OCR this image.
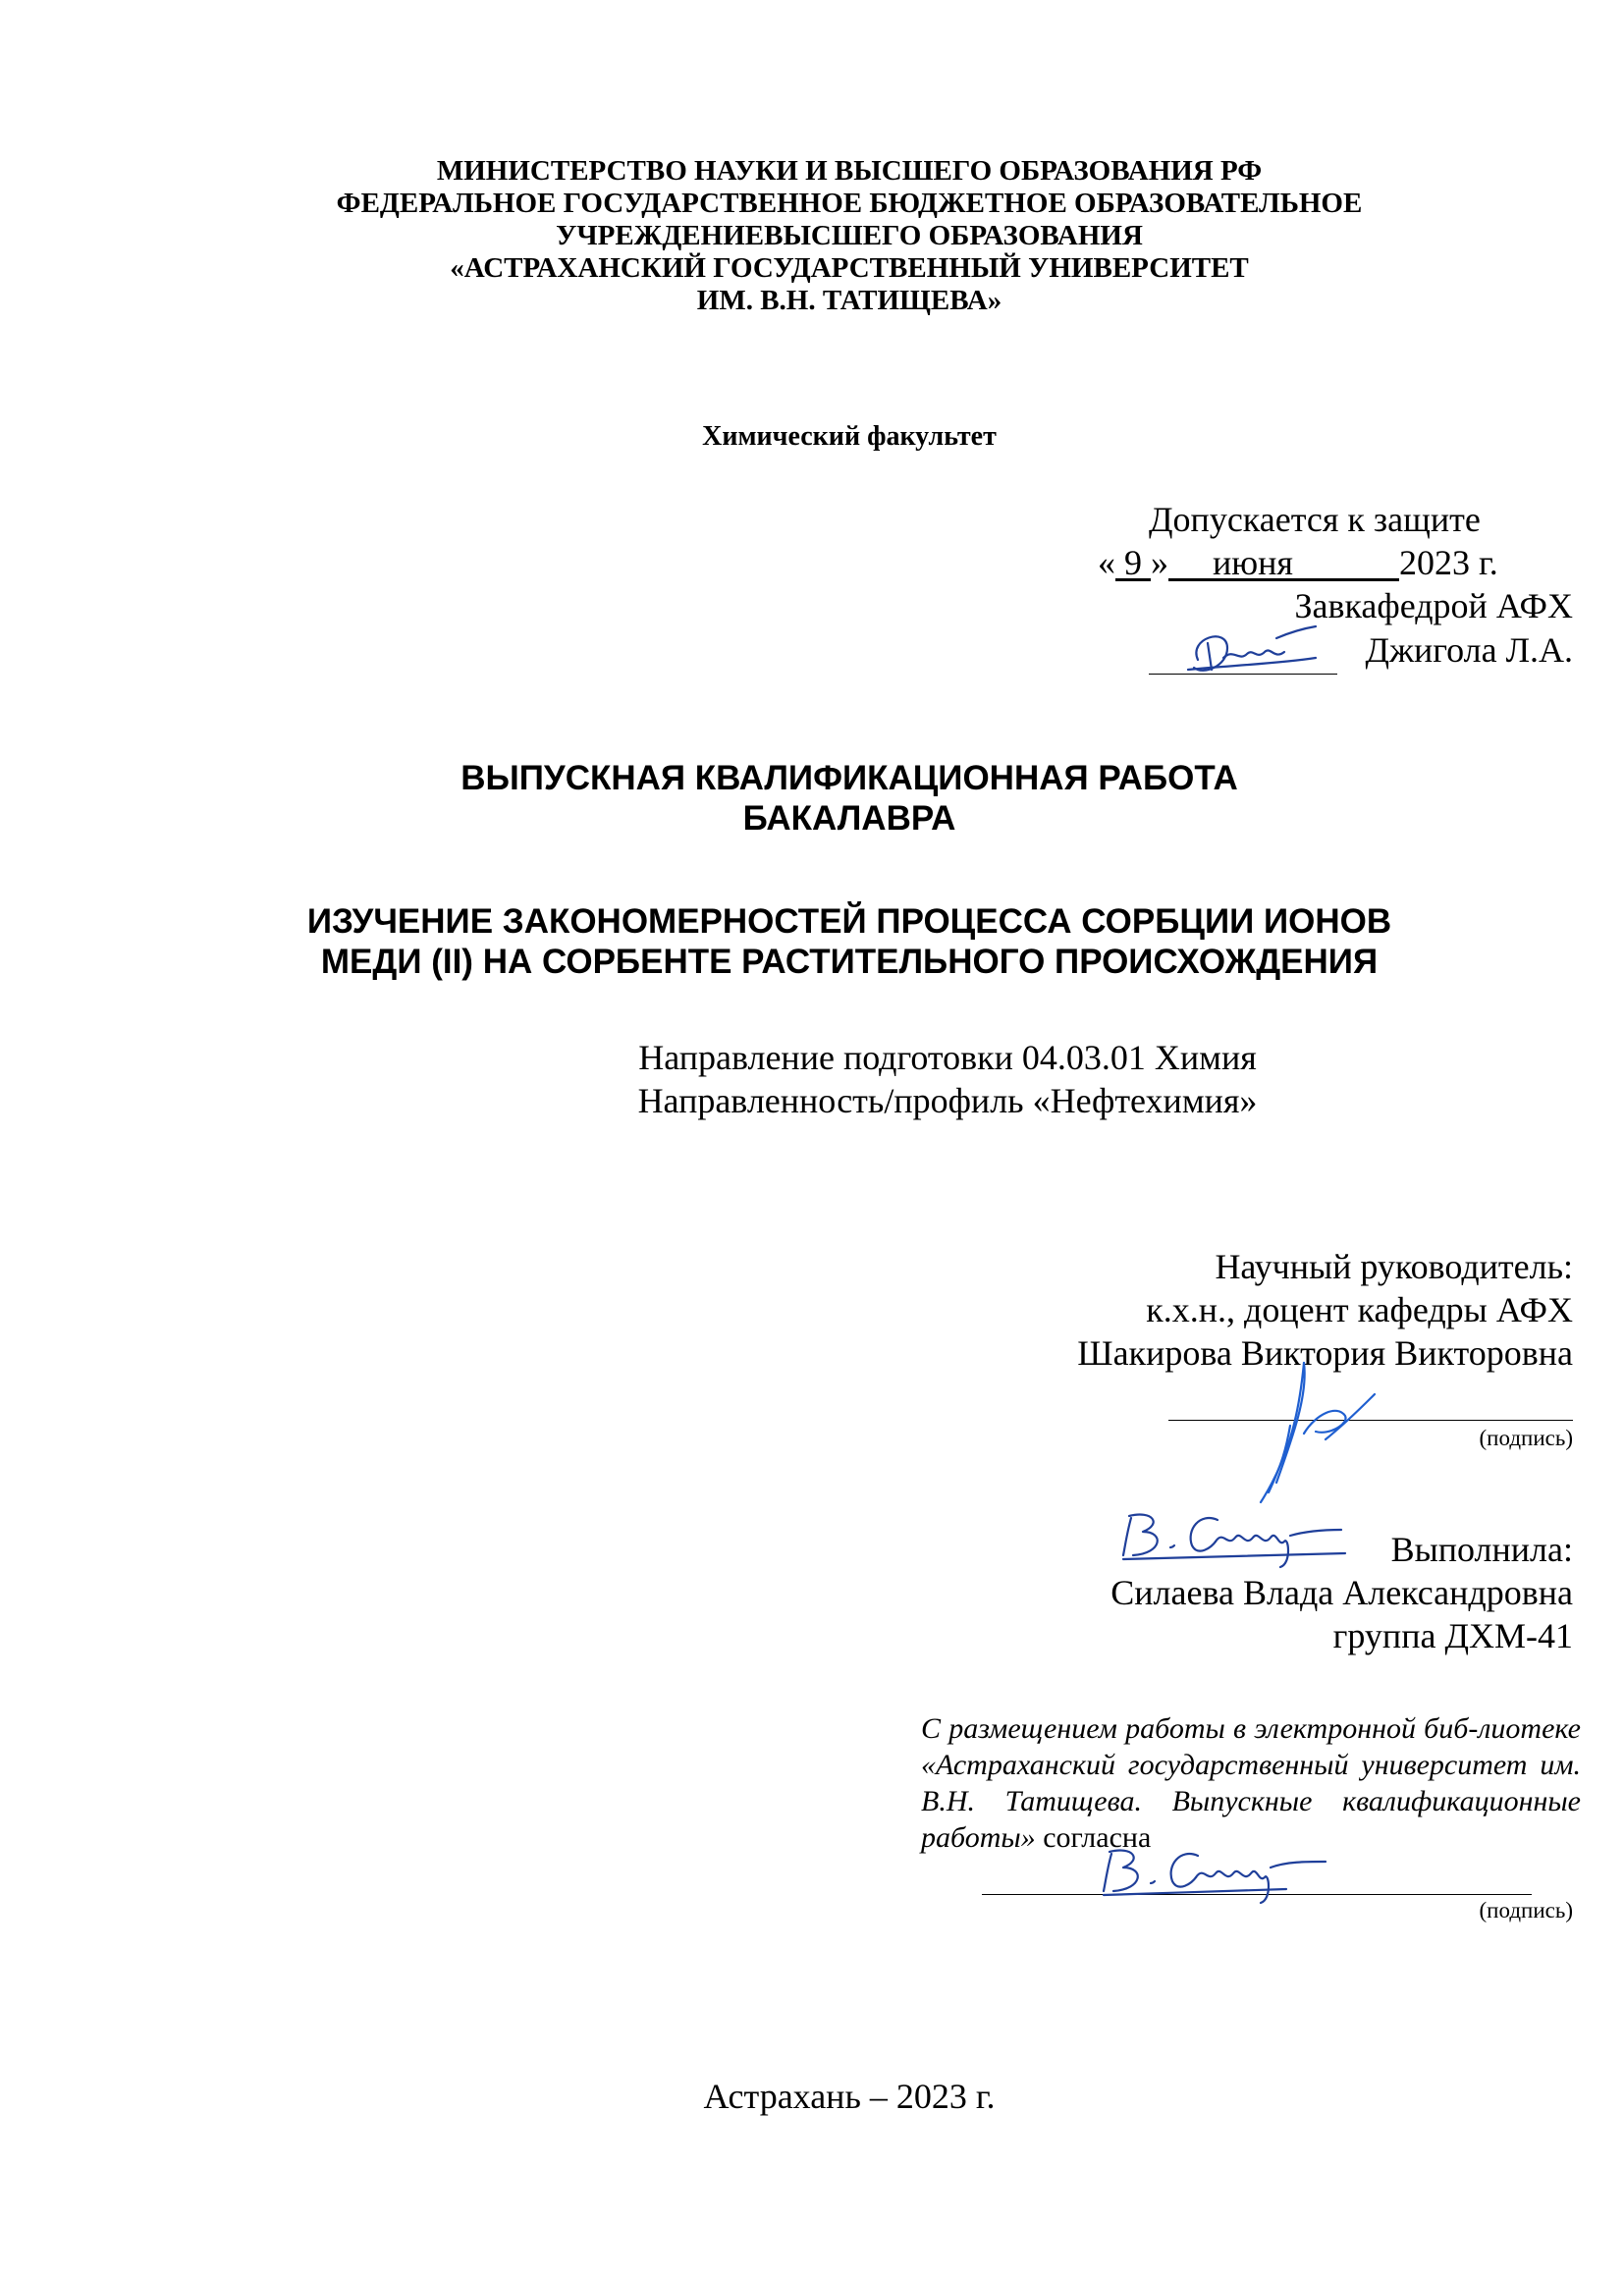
МИНИСТЕРСТВО НАУКИ И ВЫСШЕГО ОБРАЗОВАНИЯ РФ
ФЕДЕРАЛЬНОЕ ГОСУДАРСТВЕННОЕ БЮДЖЕТНОЕ ОБРАЗОВАТЕЛЬНОЕ
УЧРЕЖДЕНИЕВЫСШЕГО ОБРАЗОВАНИЯ
«АСТРАХАНСКИЙ ГОСУДАРСТВЕННЫЙ УНИВЕРСИТЕТ
ИМ. В.Н. ТАТИЩЕВА»
Химический факультет
Допускается к защите
« 9 » июня	2023 г.
Завкафедрой АФХ
Джигола Л.А.
ВЫПУСКНАЯ КВАЛИФИКАЦИОННАЯ РАБОТА
БАКАЛАВРА
ИЗУЧЕНИЕ ЗАКОНОМЕРНОСТЕЙ ПРОЦЕССА СОРБЦИИ ИОНОВ
МЕДИ (II) НА СОРБЕНТЕ РАСТИТЕЛЬНОГО ПРОИСХОЖДЕНИЯ
Направление подготовки 04.03.01 Химия
Направленность/профиль «Нефтехимия»
Научный руководитель:
к.х.н., доцент кафедры АФХ
Шакирова Виктория Викторовна
(подпись)
Выполнила:
Силаева Влада Александровна
группа ДХМ-41
С размещением работы в электронной биб-лиотеке «Астраханский государственный университет им. В.Н. Татищева. Выпускные квалификационные работы» согласна
(подпись)
Астрахань – 2023 г.
